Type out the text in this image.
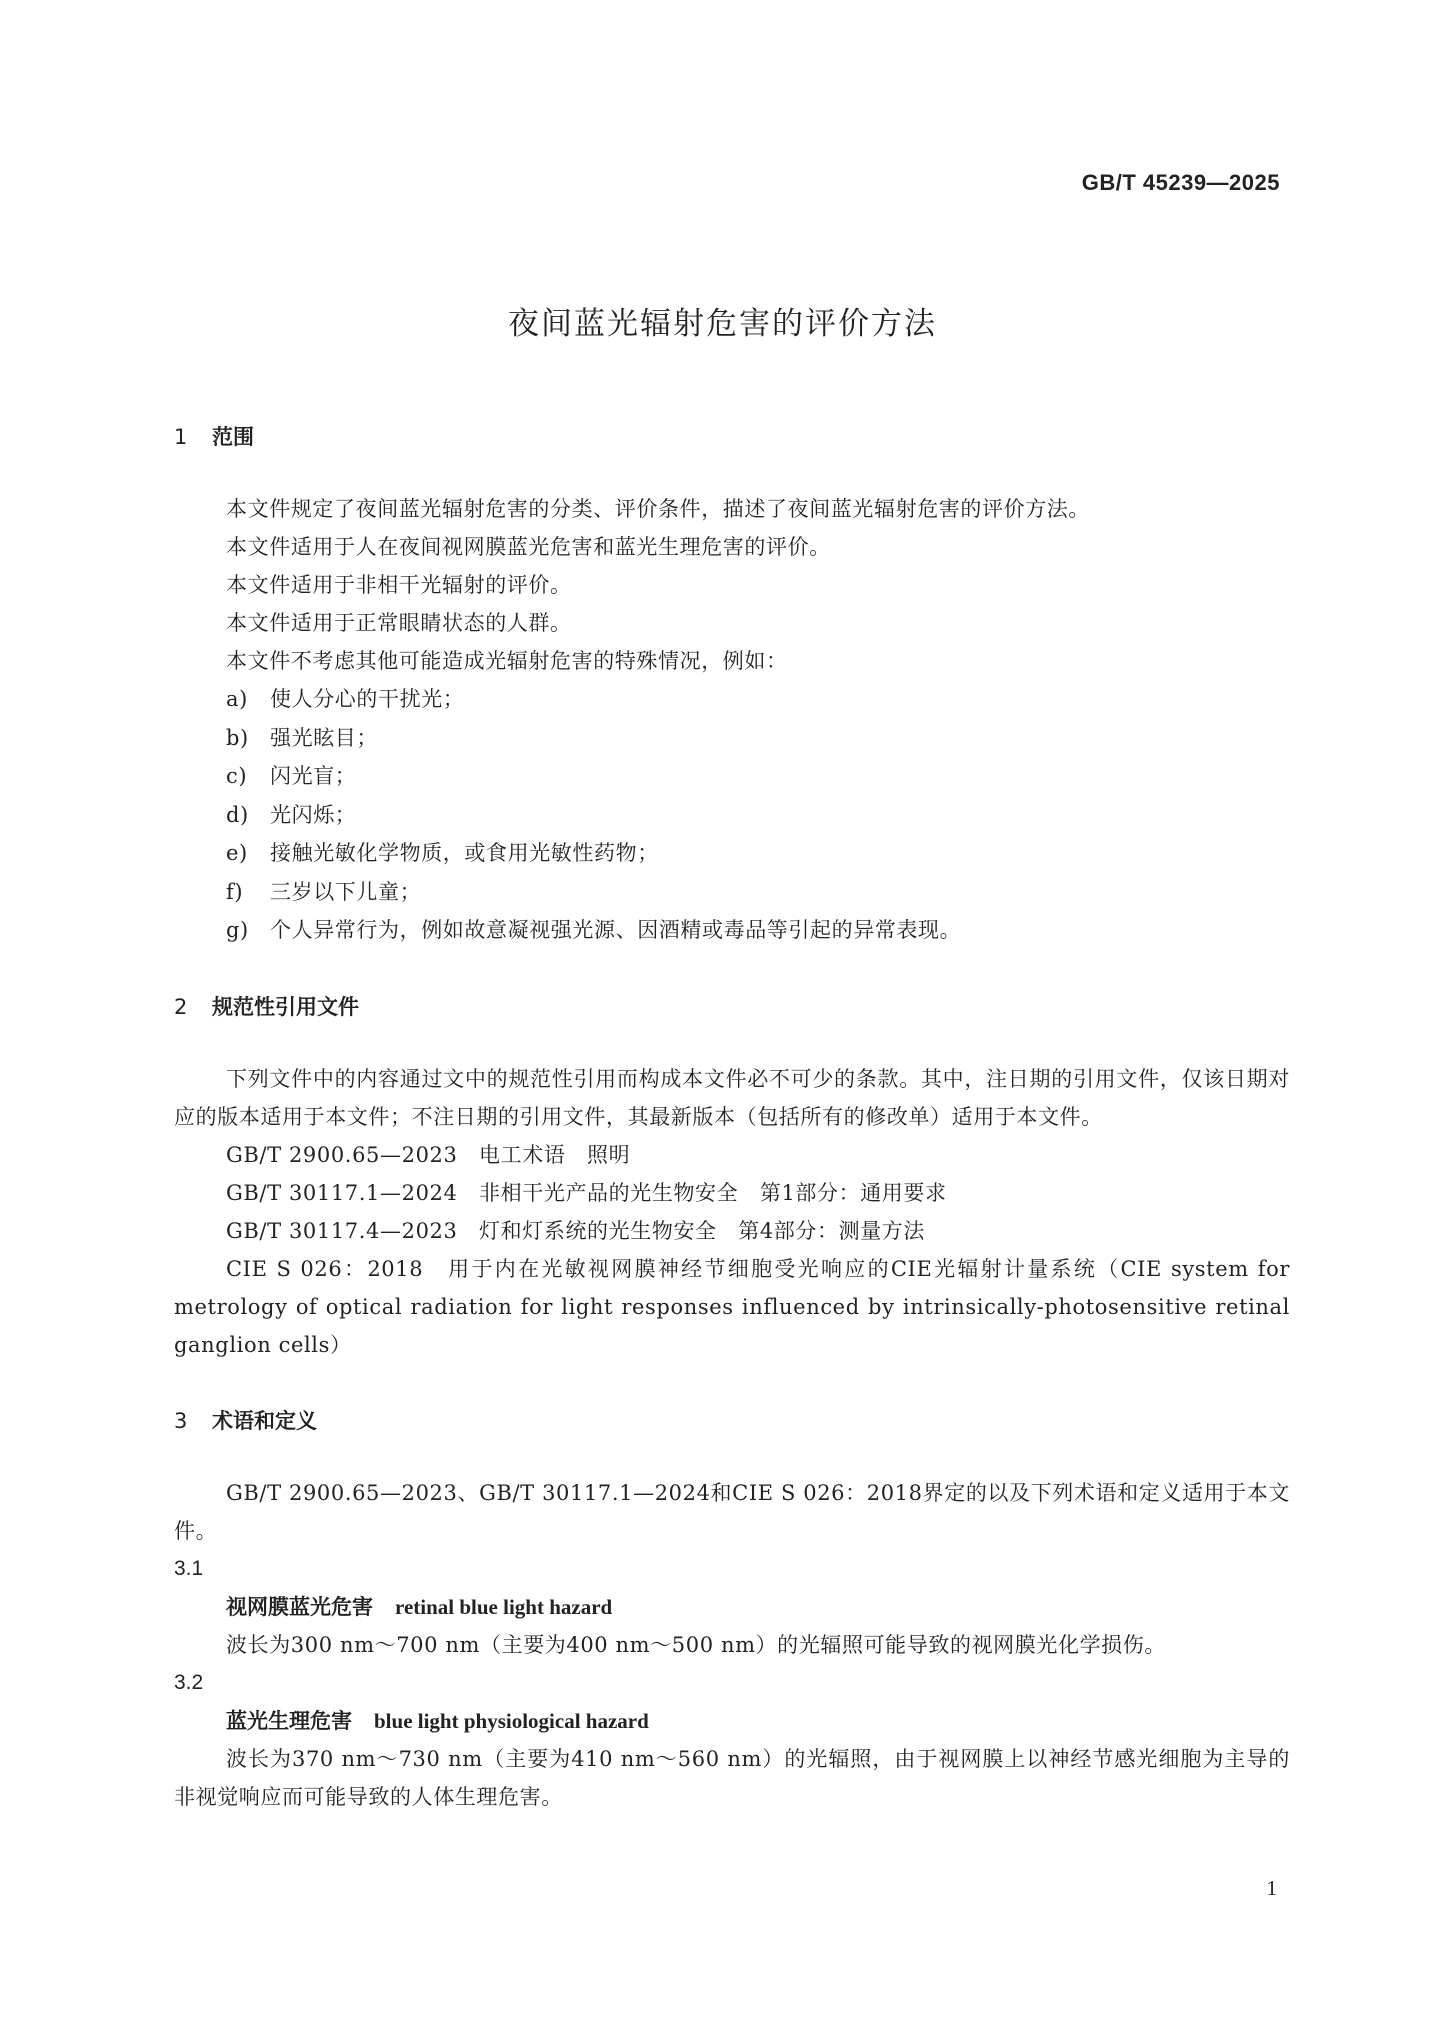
GB/T 45239—2025
夜间蓝光辐射危害的评价方法
1 范围

本文件规定了夜间蓝光辐射危害的分类、评价条件，描述了夜间蓝光辐射危害的评价方法。

本文件适用于人在夜间视网膜蓝光危害和蓝光生理危害的评价。

本文件适用于非相干光辐射的评价。

本文件适用于正常眼睛状态的人群。

本文件不考虑其他可能造成光辐射危害的特殊情况，例如：

a) 使人分心的干扰光；
b) 强光眩目；
c) 闪光盲；
d) 光闪烁；
e) 接触光敏化学物质，或食用光敏性药物；
f) 三岁以下儿童；
g) 个人异常行为，例如故意凝视强光源、因酒精或毒品等引起的异常表现。
2 规范性引用文件

下列文件中的内容通过文中的规范性引用而构成本文件必不可少的条款。其中，注日期的引用文件，仅该日期对应的版本适用于本文件；不注日期的引用文件，其最新版本（包括所有的修改单）适用于本文件。

GB/T 2900.65—2023　电工术语　照明
GB/T 30117.1—2024　非相干光产品的光生物安全　第1部分：通用要求
GB/T 30117.4—2023　灯和灯系统的光生物安全　第4部分：测量方法

CIE S 026：2018　用于内在光敏视网膜神经节细胞受光响应的CIE光辐射计量系统（CIE system for metrology of optical radiation for light responses influenced by intrinsically-photosensitive retinal ganglion cells）

3 术语和定义

GB/T 2900.65—2023、GB/T 30117.1—2024和CIE S 026：2018界定的以及下列术语和定义适用于本文件。

3.1
视网膜蓝光危害 retinal blue light hazard

波长为300 nm～700 nm（主要为400 nm～500 nm）的光辐照可能导致的视网膜光化学损伤。

3.2
蓝光生理危害 blue light physiological hazard

波长为370 nm～730 nm（主要为410 nm～560 nm）的光辐照，由于视网膜上以神经节感光细胞为主导的非视觉响应而可能导致的人体生理危害。

1
